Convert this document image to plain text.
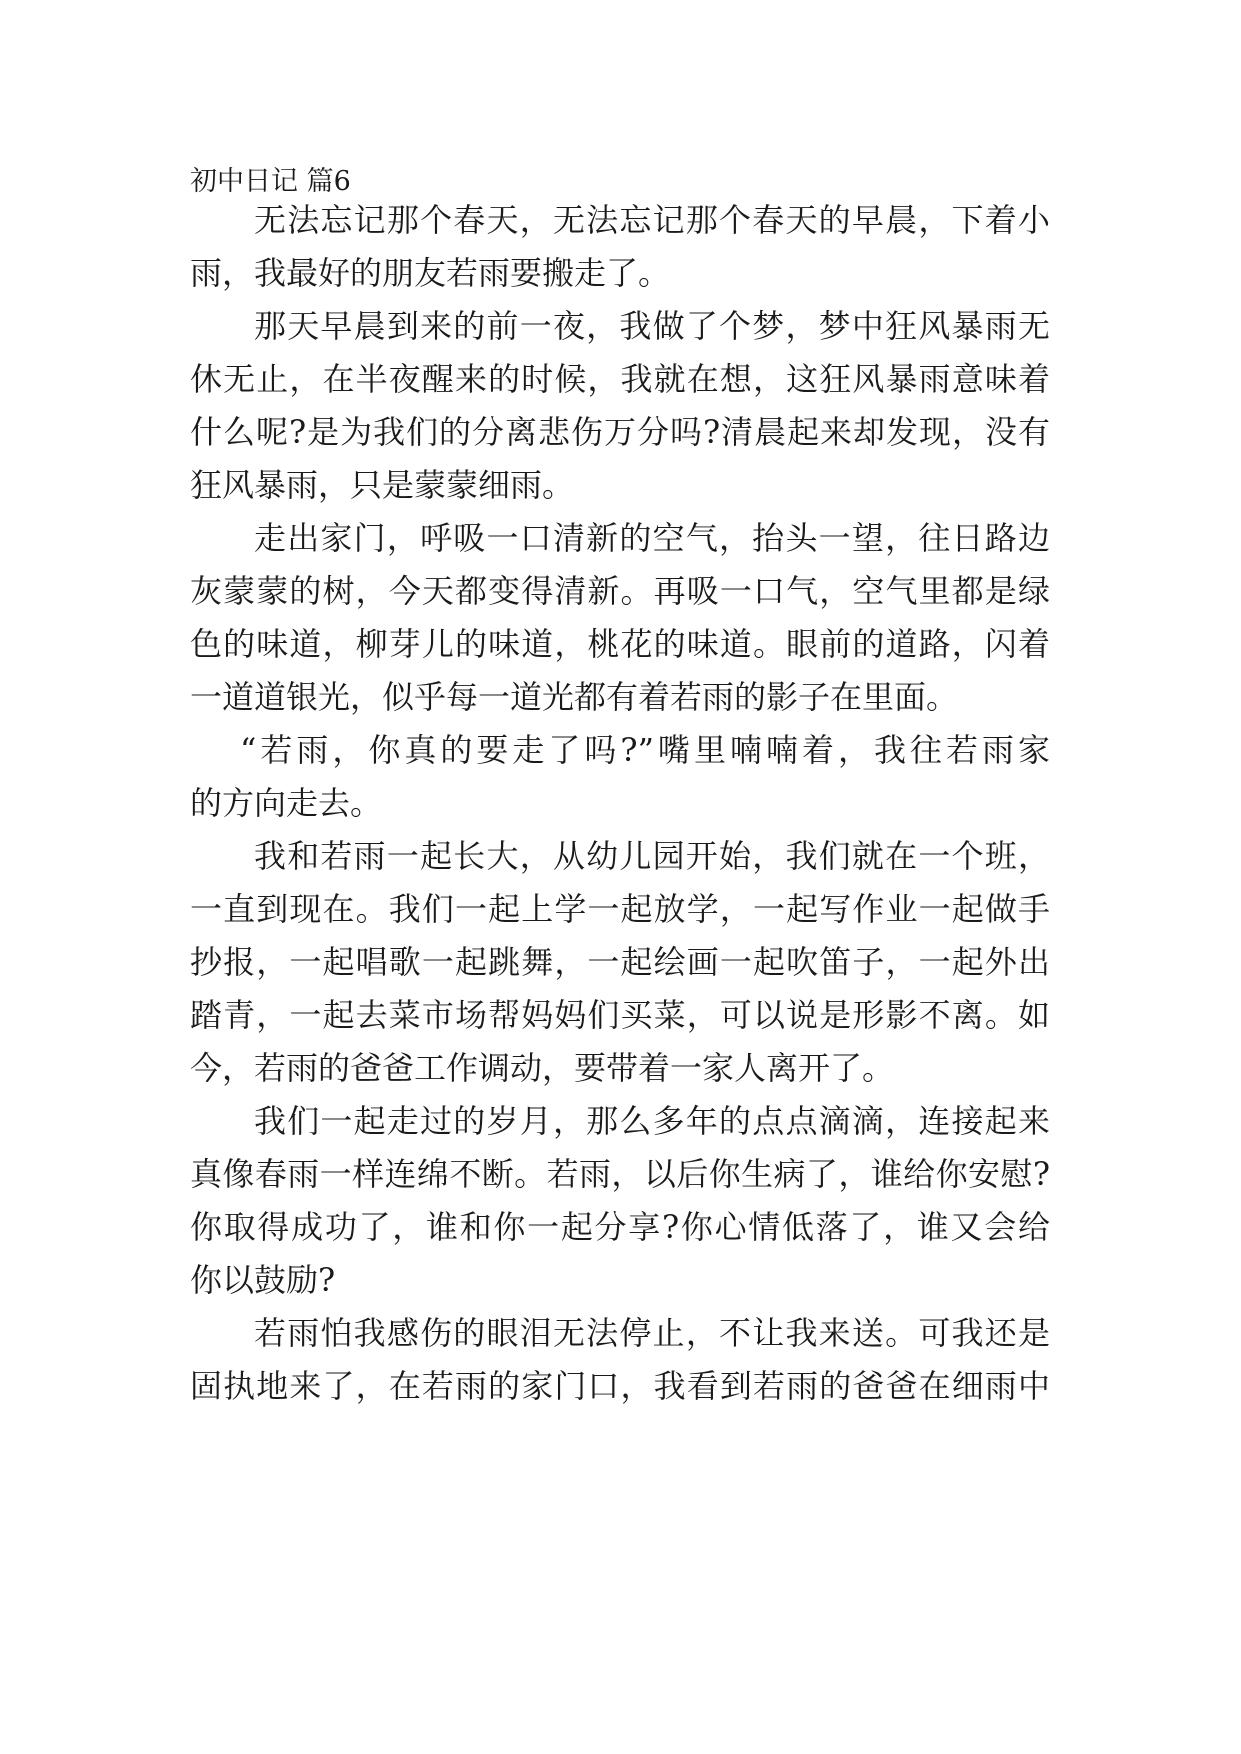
初中日记 篇6
无法忘记那个春天，无法忘记那个春天的早晨，下着小
雨，我最好的朋友若雨要搬走了。
那天早晨到来的前一夜，我做了个梦，梦中狂风暴雨无
休无止，在半夜醒来的时候，我就在想，这狂风暴雨意味着
什么呢?是为我们的分离悲伤万分吗?清晨起来却发现，没有
狂风暴雨，只是蒙蒙细雨。
走出家门，呼吸一口清新的空气，抬头一望，往日路边
灰蒙蒙的树，今天都变得清新。再吸一口气，空气里都是绿
色的味道，柳芽儿的味道，桃花的味道。眼前的道路，闪着
一道道银光，似乎每一道光都有着若雨的影子在里面。
“若雨，你真的要走了吗?”嘴里喃喃着，我往若雨家
的方向走去。
我和若雨一起长大，从幼儿园开始，我们就在一个班，
一直到现在。我们一起上学一起放学，一起写作业一起做手
抄报，一起唱歌一起跳舞，一起绘画一起吹笛子，一起外出
踏青，一起去菜市场帮妈妈们买菜，可以说是形影不离。如
今，若雨的爸爸工作调动，要带着一家人离开了。
我们一起走过的岁月，那么多年的点点滴滴，连接起来
真像春雨一样连绵不断。若雨，以后你生病了，谁给你安慰?
你取得成功了，谁和你一起分享?你心情低落了，谁又会给
你以鼓励?
若雨怕我感伤的眼泪无法停止，不让我来送。可我还是
固执地来了，在若雨的家门口，我看到若雨的爸爸在细雨中
